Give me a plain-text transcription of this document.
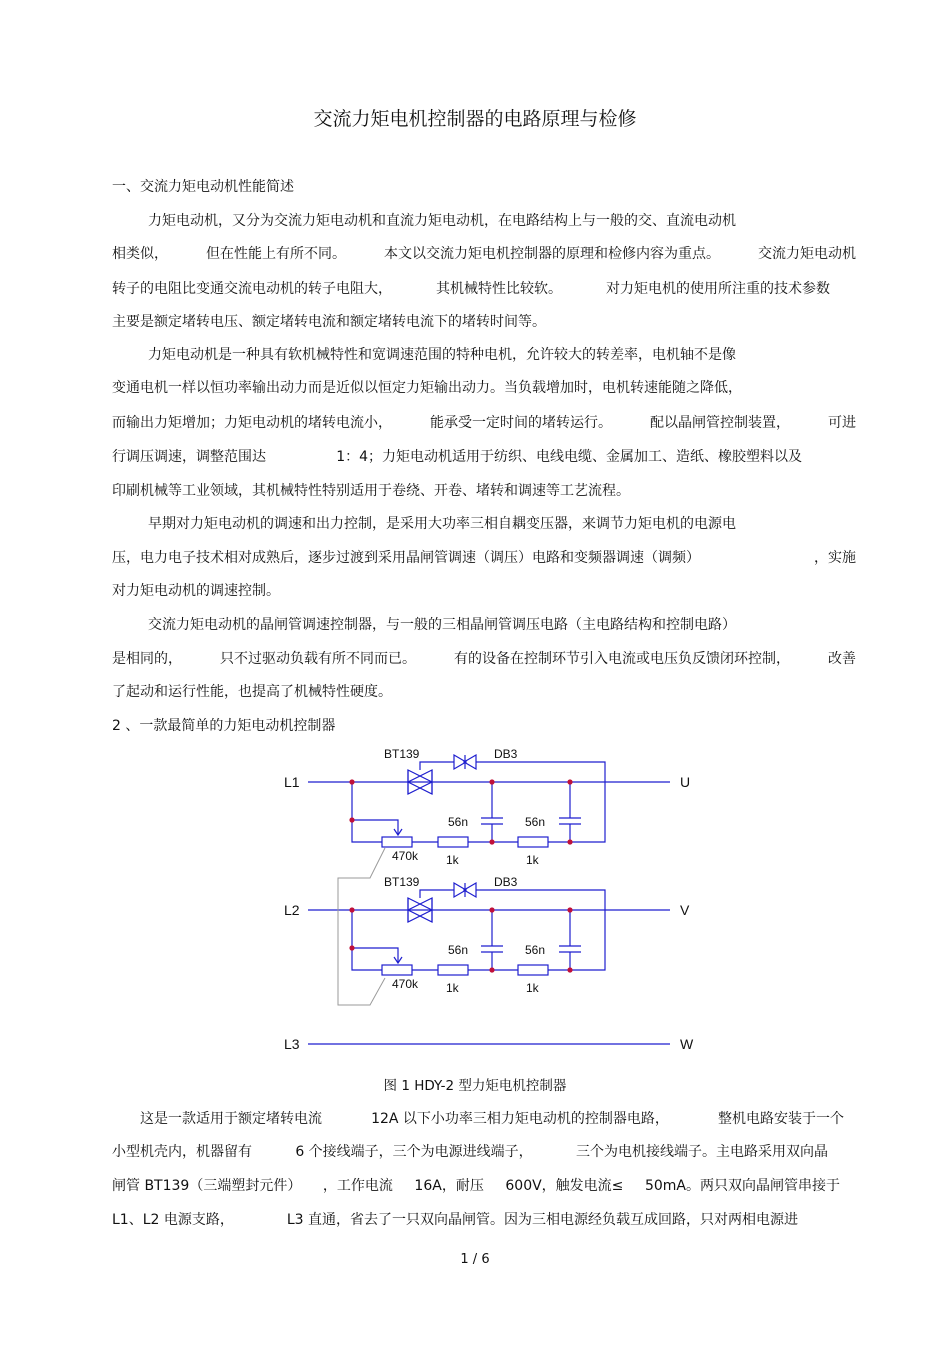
交流力矩电机控制器的电路原理与检修
一、交流力矩电动机性能简述
力矩电动机，又分为交流力矩电动机和直流力矩电动机，在电路结构上与一般的交、直流电动机
相类似，	但在性能上有所不同。	本文以交流力矩电机控制器的原理和检修内容为重点。	交流力矩电动机
转子的电阻比变通交流电动机的转子电阻大，	其机械特性比较软。	对力矩电机的使用所注重的技术参数
主要是额定堵转电压、额定堵转电流和额定堵转电流下的堵转时间等。
力矩电动机是一种具有软机械特性和宽调速范围的特种电机，允许较大的转差率，电机轴不是像
变通电机一样以恒功率输出动力而是近似以恒定力矩输出动力。当负载增加时，电机转速能随之降低，
而输出力矩增加；力矩电动机的堵转电流小，	能承受一定时间的堵转运行。	配以晶闸管控制装置，	可进
行调压调速，调整范围达	1：4；力矩电动机适用于纺织、电线电缆、金属加工、造纸、橡胶塑料以及
印刷机械等工业领域，其机械特性特别适用于卷绕、开卷、堵转和调速等工艺流程。
早期对力矩电动机的调速和出力控制，是采用大功率三相自耦变压器，来调节力矩电机的电源电
压，电力电子技术相对成熟后，逐步过渡到采用晶闸管调速（调压）电路和变频器调速（调频）	，实施
对力矩电动机的调速控制。
交流力矩电动机的晶闸管调速控制器，与一般的三相晶闸管调压电路（主电路结构和控制电路）
是相同的，	只不过驱动负载有所不同而已。	有的设备在控制环节引入电流或电压负反馈闭环控制，	改善
了起动和运行性能，也提高了机械特性硬度。
2 、一款最简单的力矩电动机控制器
L1
L2
L3
U
V
W
BT139	DB3
56n	56n
470k 1k	1k
BT139	DB3
56n	56n
470k 1k	1k
图 1 HDY-2 型力矩电机控制器
这是一款适用于额定堵转电流	12A 以下小功率三相力矩电动机的控制器电路，	整机电路安装于一个
小型机壳内，机器留有	6 个接线端子，三个为电源进线端子，	三个为电机接线端子。主电路采用双向晶
闸管 BT139（三端塑封元件） ，工作电流 16A，耐压 600V，触发电流≤ 50mA。两只双向晶闸管串接于
L1、L2 电源支路，	L3 直通，省去了一只双向晶闸管。因为三相电源经负载互成回路，只对两相电源进
1 / 6
